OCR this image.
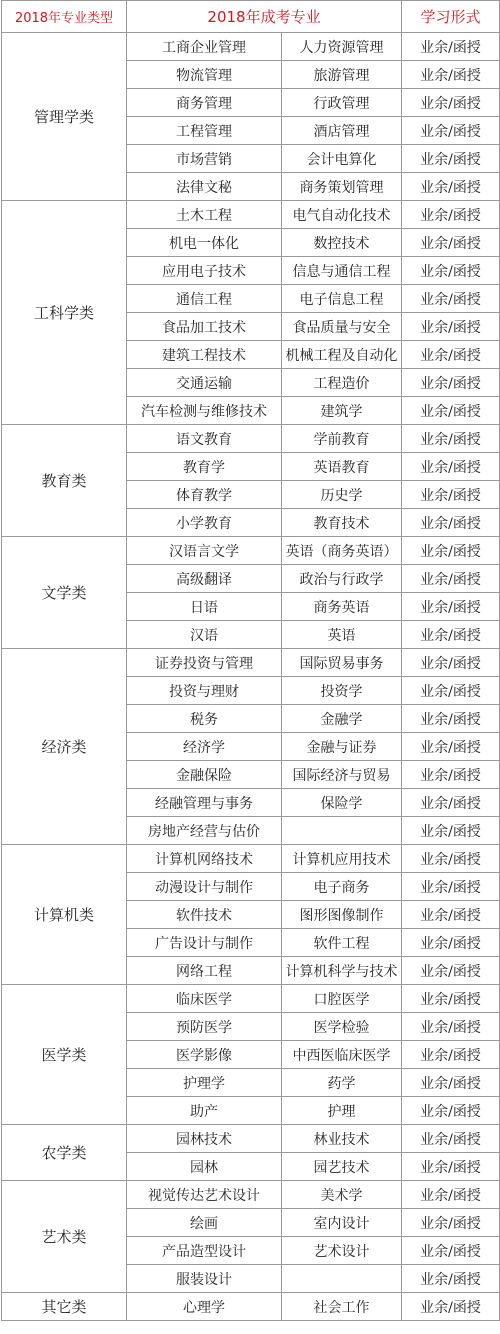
2018年专业类型	2018年成考专业		学习形式
管理学类	工商企业管理	人力资源管理	业余/函授
	物流管理	旅游管理	业余/函授
	商务管理	行政管理	业余/函授
	工程管理	酒店管理	业余/函授
	市场营销	会计电算化	业余/函授
	法律文秘	商务策划管理	业余/函授
工科学类	土木工程	电气自动化技术	业余/函授
	机电一体化	数控技术	业余/函授
	应用电子技术	信息与通信工程	业余/函授
	通信工程	电子信息工程	业余/函授
	食品加工技术	食品质量与安全	业余/函授
	建筑工程技术	机械工程及自动化	业余/函授
	交通运输	工程造价	业余/函授
	汽车检测与维修技术	建筑学	业余/函授
教育类	语文教育	学前教育	业余/函授
	教育学	英语教育	业余/函授
	体育教学	历史学	业余/函授
	小学教育	教育技术	业余/函授
文学类	汉语言文学	英语（商务英语）	业余/函授
	高级翻译	政治与行政学	业余/函授
	日语	商务英语	业余/函授
	汉语	英语	业余/函授
经济类	证券投资与管理	国际贸易事务	业余/函授
	投资与理财	投资学	业余/函授
	税务	金融学	业余/函授
	经济学	金融与证券	业余/函授
	金融保险	国际经济与贸易	业余/函授
	经融管理与事务	保险学	业余/函授
	房地产经营与估价		业余/函授
计算机类	计算机网络技术	计算机应用技术	业余/函授
	动漫设计与制作	电子商务	业余/函授
	软件技术	图形图像制作	业余/函授
	广告设计与制作	软件工程	业余/函授
	网络工程	计算机科学与技术	业余/函授
医学类	临床医学	口腔医学	业余/函授
	预防医学	医学检验	业余/函授
	医学影像	中西医临床医学	业余/函授
	护理学	药学	业余/函授
	助产	护理	业余/函授
农学类	园林技术	林业技术	业余/函授
	园林	园艺技术	业余/函授
艺术类	视觉传达艺术设计	美术学	业余/函授
	绘画	室内设计	业余/函授
	产品造型设计	艺术设计	业余/函授
	服装设计		业余/函授
其它类	心理学	社会工作	业余/函授
